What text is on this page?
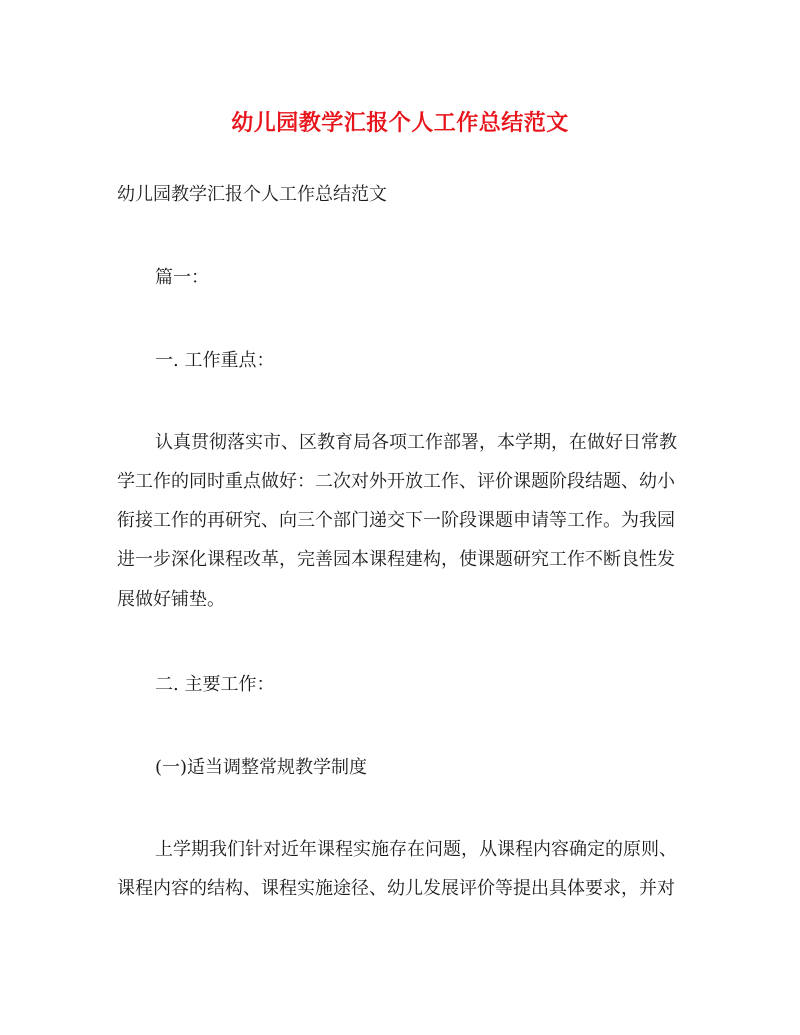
幼儿园教学汇报个人工作总结范文
幼儿园教学汇报个人工作总结范文
篇一：
一. 工作重点：
认真贯彻落实市、区教育局各项工作部署，本学期，在做好日常教
学工作的同时重点做好：二次对外开放工作、评价课题阶段结题、幼小
衔接工作的再研究、向三个部门递交下一阶段课题申请等工作。为我园
进一步深化课程改革，完善园本课程建构，使课题研究工作不断良性发
展做好铺垫。
二. 主要工作：
(一)适当调整常规教学制度
上学期我们针对近年课程实施存在问题，从课程内容确定的原则、
课程内容的结构、课程实施途径、幼儿发展评价等提出具体要求，并对
